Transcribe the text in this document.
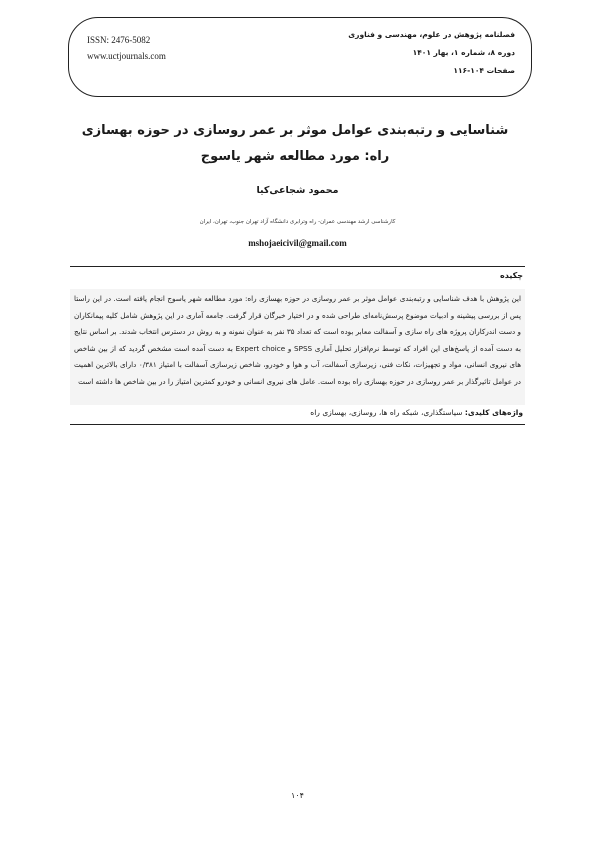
ISSN: 2476-5082
www.uctjournals.com
فصلنامه پژوهش در علوم، مهندسی و فناوری
دوره ۸، شماره ۱، بهار ۱۴۰۱
صفحات ۱۰۴-۱۱۶
شناسایی و رتبه‌بندی عوامل موثر بر عمر روسازی در حوزه بهسازی راه: مورد مطالعه شهر یاسوج
محمود شجاعی‌کیا
کارشناسی ارشد مهندسی عمران- راه وترابری دانشگاه آزاد تهران جنوب، تهران، ایران
mshojaeicivil@gmail.com
چکیده
این پژوهش با هدف شناسایی و رتبه‌بندی عوامل موثر بر عمر روسازی در حوزه بهسازی راه: مورد مطالعه شهر یاسوج انجام یافته است. در این راستا پس از بررسی پیشینه و ادبیات موضوع پرسش‌نامه‌ای طراحی شده و در اختیار خبرگان قرار گرفت. جامعه آماری در این پژوهش شامل کلیه پیمانکاران و دست اندرکاران پروژه های راه سازی و آسفالت معابر بوده است که تعداد ۳۵ نفر به عنوان نمونه و به روش در دسترس انتخاب شدند. بر اساس نتایج به دست آمده از پاسخ‌های این افراد که توسط نرم‌افزار تحلیل آماری SPSS و Expert choice به دست آمده است مشخص گردید که از بین شاخص های نیروی انسانی، مواد و تجهیزات، نکات فنی، زیرسازی آسفالت، آب و هوا و خودرو، شاخص زیرسازی آسفالت با امتیاز ۰/۳۸۱ دارای بالاترین اهمیت در عوامل تاثیرگذار بر عمر روسازی در حوزه بهسازی راه بوده است. عامل های نیروی انسانی و خودرو کمترین امتیاز را در بین شاخص ها داشته است
واژه‌های کلیدی: سیاستگذاری، شبکه راه ها، روسازی، بهسازی راه
۱۰۴
